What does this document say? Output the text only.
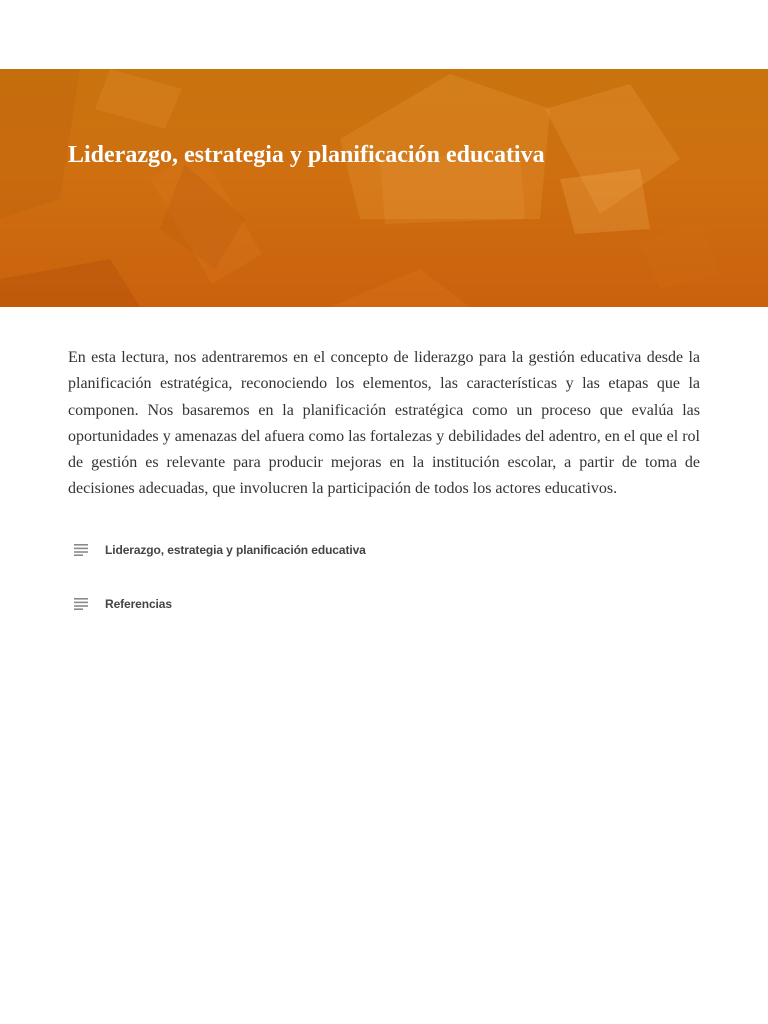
Liderazgo, estrategia y planificación educativa

En esta lectura, nos adentraremos en el concepto de liderazgo para la gestión educativa desde la planificación estratégica, reconociendo los elementos, las características y las etapas que la componen. Nos basaremos en la planificación estratégica como un proceso que evalúa las oportunidades y amenazas del afuera como las fortalezas y debilidades del adentro, en el que el rol de gestión es relevante para producir mejoras en la institución escolar, a partir de toma de decisiones adecuadas, que involucren la participación de todos los actores educativos.

Liderazgo, estrategia y planificación educativa
Referencias
